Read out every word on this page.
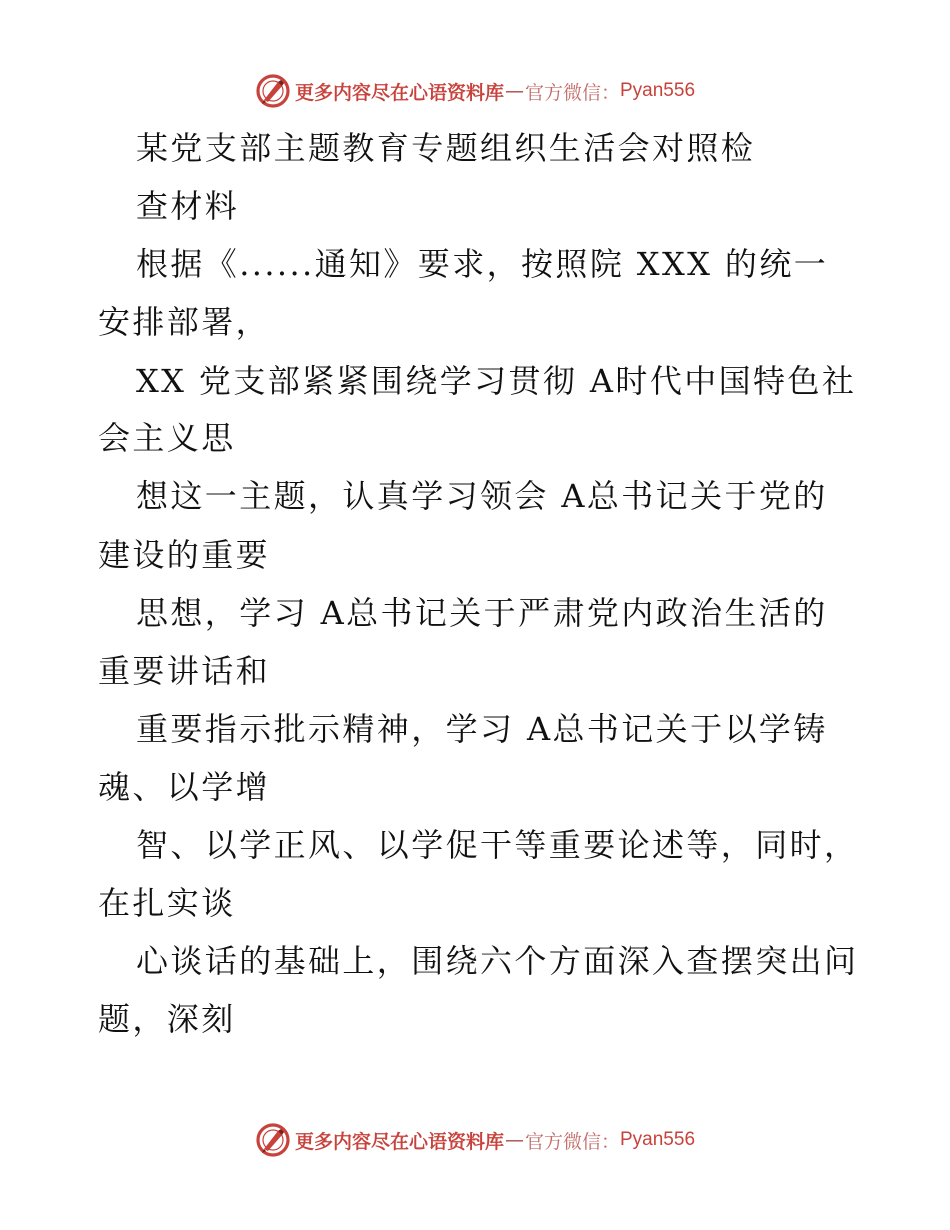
更多内容尽在心语资料库 — 官方微信： Pyan556
某党支部主题教育专题组织生活会对照检
查材料
根据《......通知》要求，按照院 XXX 的统一
安排部署，
XX 党支部紧紧围绕学习贯彻 A时代中国特色社
会主义思
想这一主题，认真学习领会 A总书记关于党的
建设的重要
思想，学习 A总书记关于严肃党内政治生活的
重要讲话和
重要指示批示精神，学习 A总书记关于以学铸
魂、以学增
智、以学正风、以学促干等重要论述等，同时，
在扎实谈
心谈话的基础上，围绕六个方面深入查摆突出问
题，深刻
更多内容尽在心语资料库 — 官方微信： Pyan556
